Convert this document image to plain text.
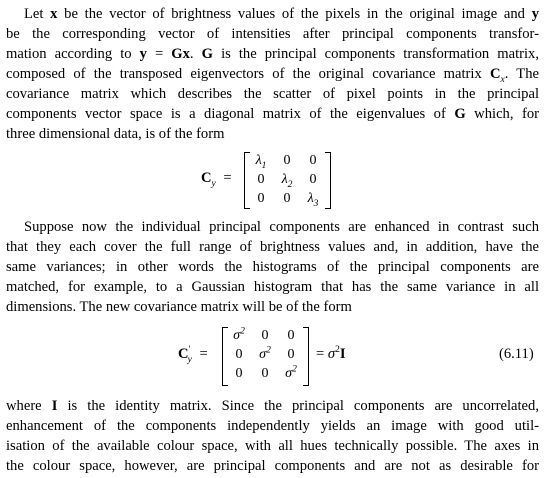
Let x be the vector of brightness values of the pixels in the original image and y
be the corresponding vector of intensities after principal components transfor-
mation according to y = Gx. G is the principal components transformation matrix,
composed of the transposed eigenvectors of the original covariance matrix $C_x$. The
covariance matrix which describes the scatter of pixel points in the principal
components vector space is a diagonal matrix of the eigenvalues of G which, for
three dimensional data, is of the form
$C_y$ =
$\lambda_1$ 0 0
0 $\lambda_2$ 0
0 0 $\lambda_3$
Suppose now the individual principal components are enhanced in contrast such
that they each cover the full range of brightness values and, in addition, have the
same variances; in other words the histograms of the principal components are
matched, for example, to a Gaussian histogram that has the same variance in all
dimensions. The new covariance matrix will be of the form
$C'_y$ =
$\sigma^2$ 0 0
0 $\sigma^2$ 0
0 0 $\sigma^2$
= $\sigma^2I$	(6.11)
where I is the identity matrix. Since the principal components are uncorrelated,
enhancement of the components independently yields an image with good util-
isation of the available colour space, with all hues technically possible. The axes in
the colour space, however, are principal components and are not as desirable for
